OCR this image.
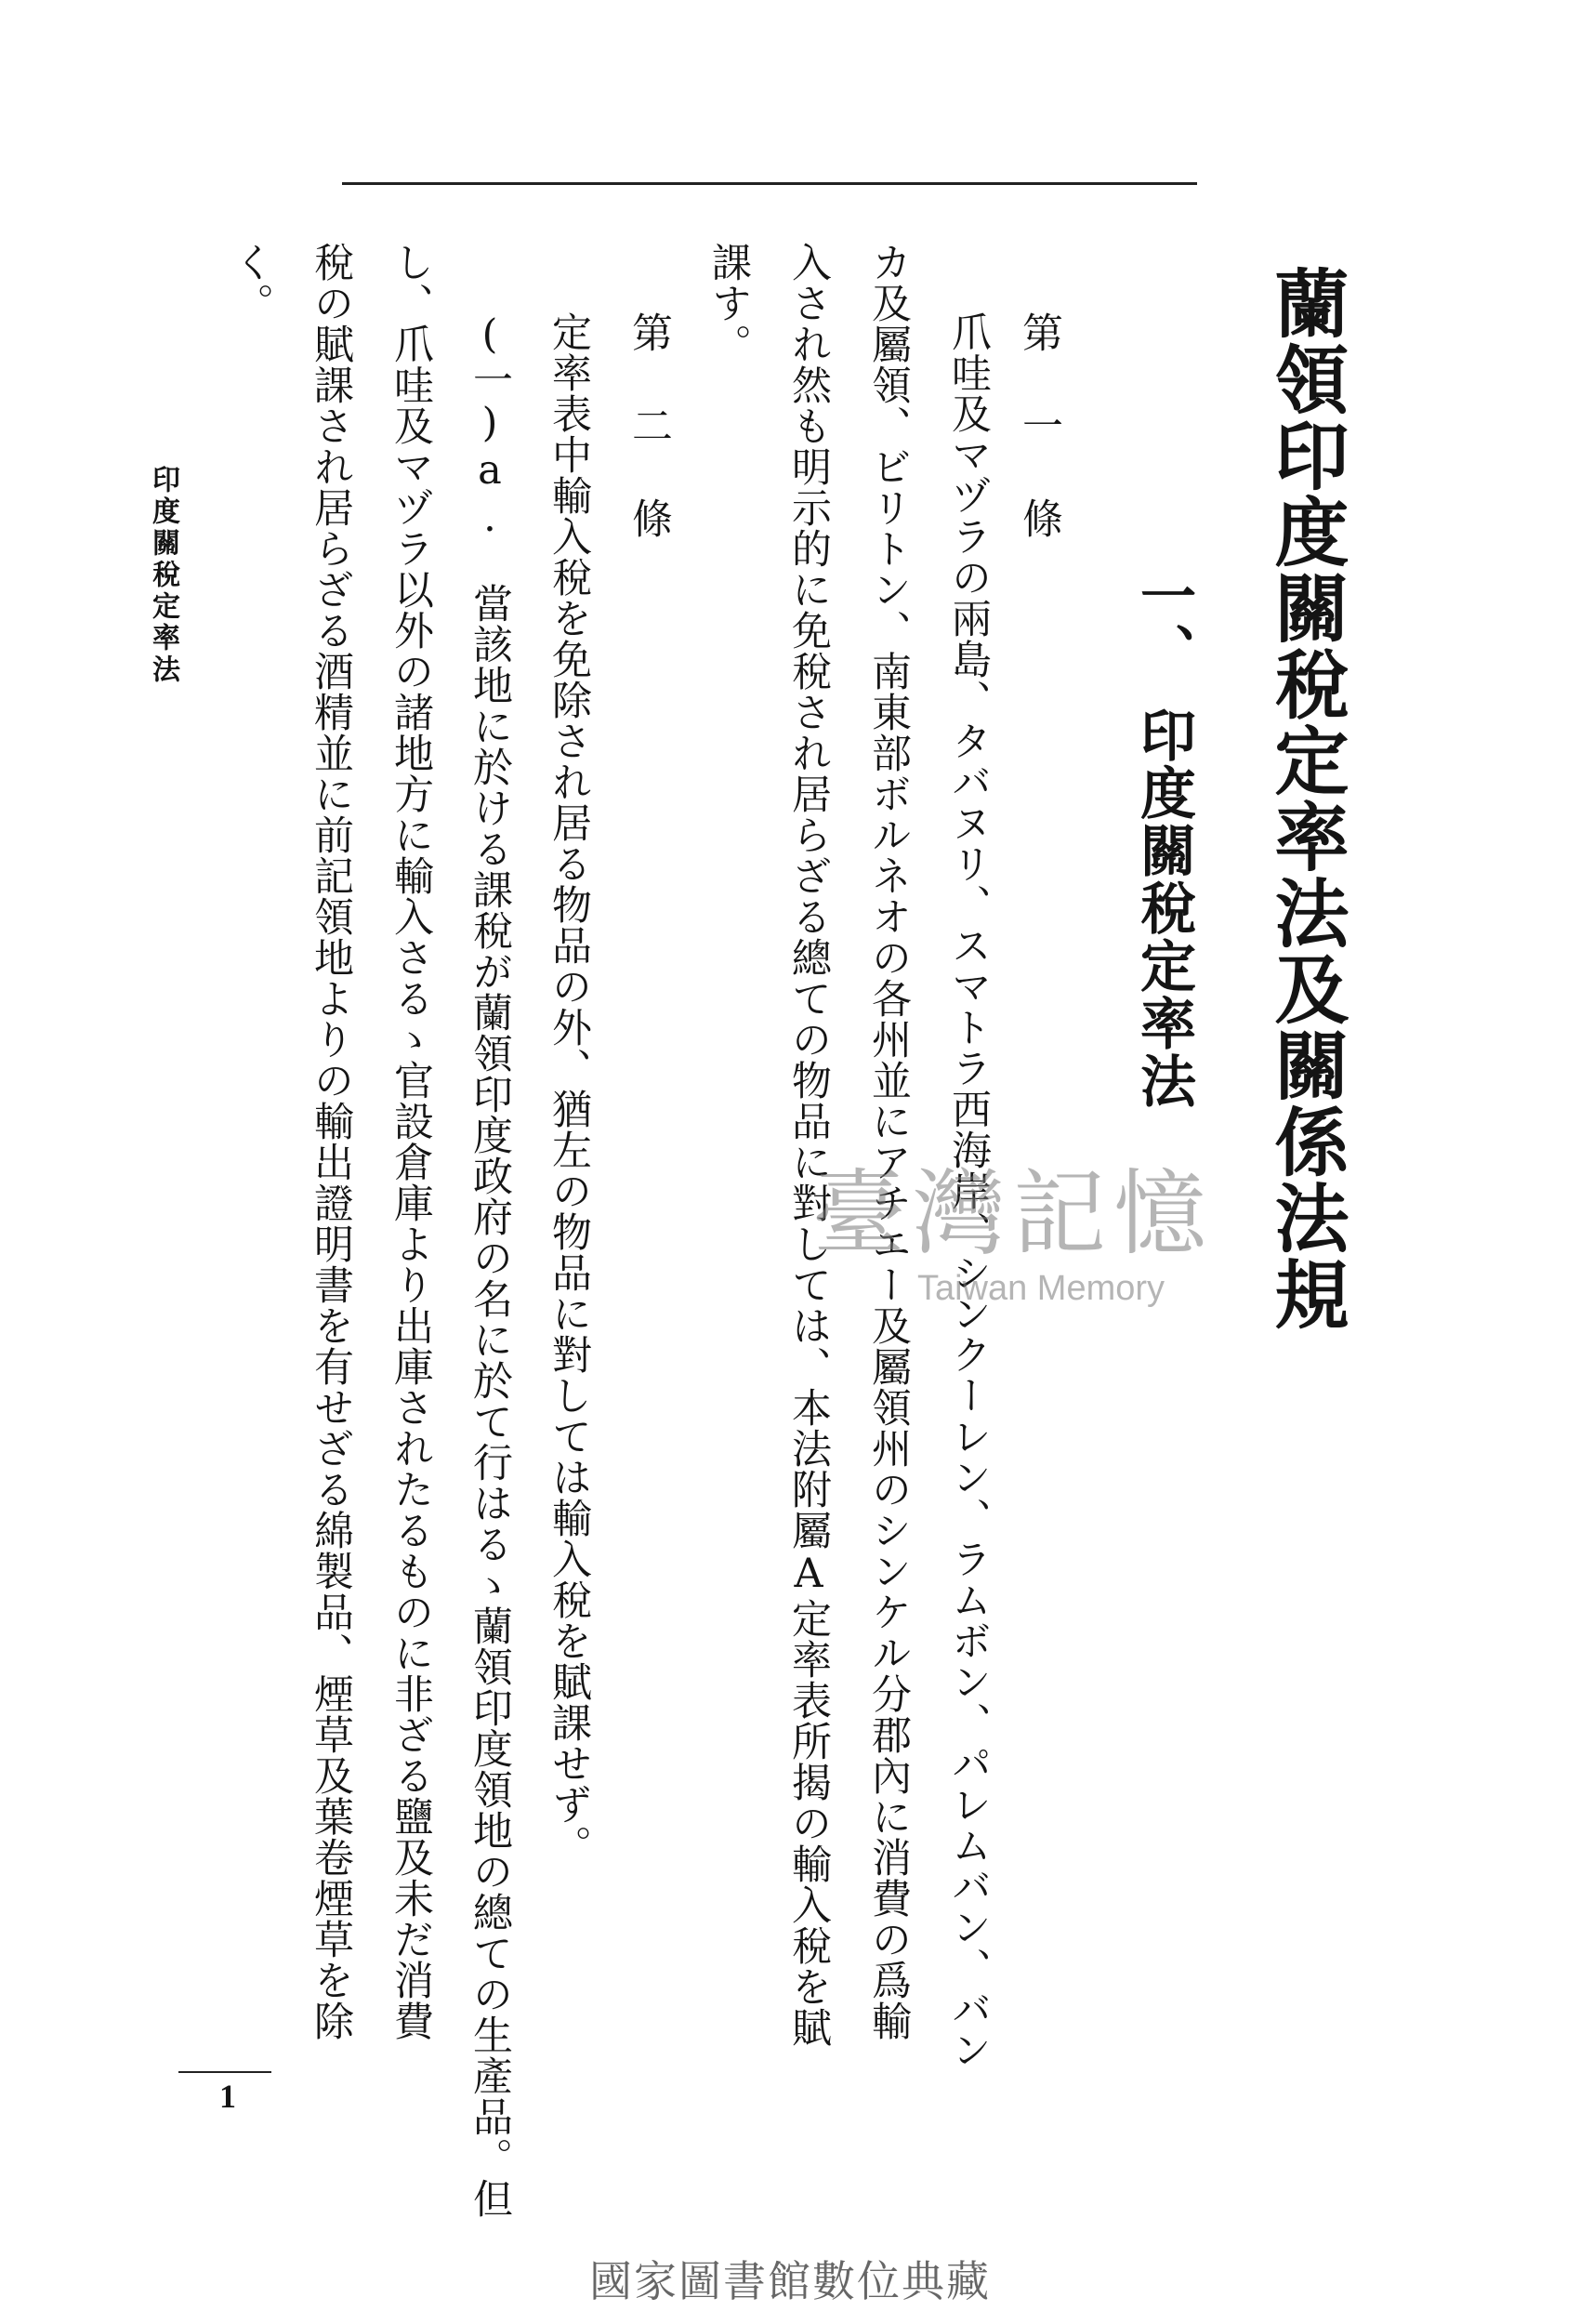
蘭領印度關稅定率法及關係法規
一、
印度關稅定率法
第一條
爪哇及マヅラの兩島、タバヌリ、スマトラ西海岸、シンクーレン、ラムボン、パレムバン、バン
カ及屬領、ビリトン、南東部ボルネオの各州並にアチエー及屬領州のシンケル分郡內に消費の爲輸
入され然も明示的に免稅され居らざる總ての物品に對しては、本法附屬A定率表所揭の輸入稅を賦
課す。
第二條
定率表中輸入稅を免除され居る物品の外、猶左の物品に對しては輸入稅を賦課せず。
(一)a.　當該地に於ける課稅が蘭領印度政府の名に於て行はるゝ蘭領印度領地の總ての生產品。但
し、爪哇及マヅラ以外の諸地方に輸入さるゝ官設倉庫より出庫されたるものに非ざる鹽及未だ消費
稅の賦課され居らざる酒精並に前記領地よりの輸出證明書を有せざる綿製品、煙草及葉卷煙草を除
く。
印度關稅定率法
1
臺灣記憶
Taiwan Memory
國家圖書館數位典藏
